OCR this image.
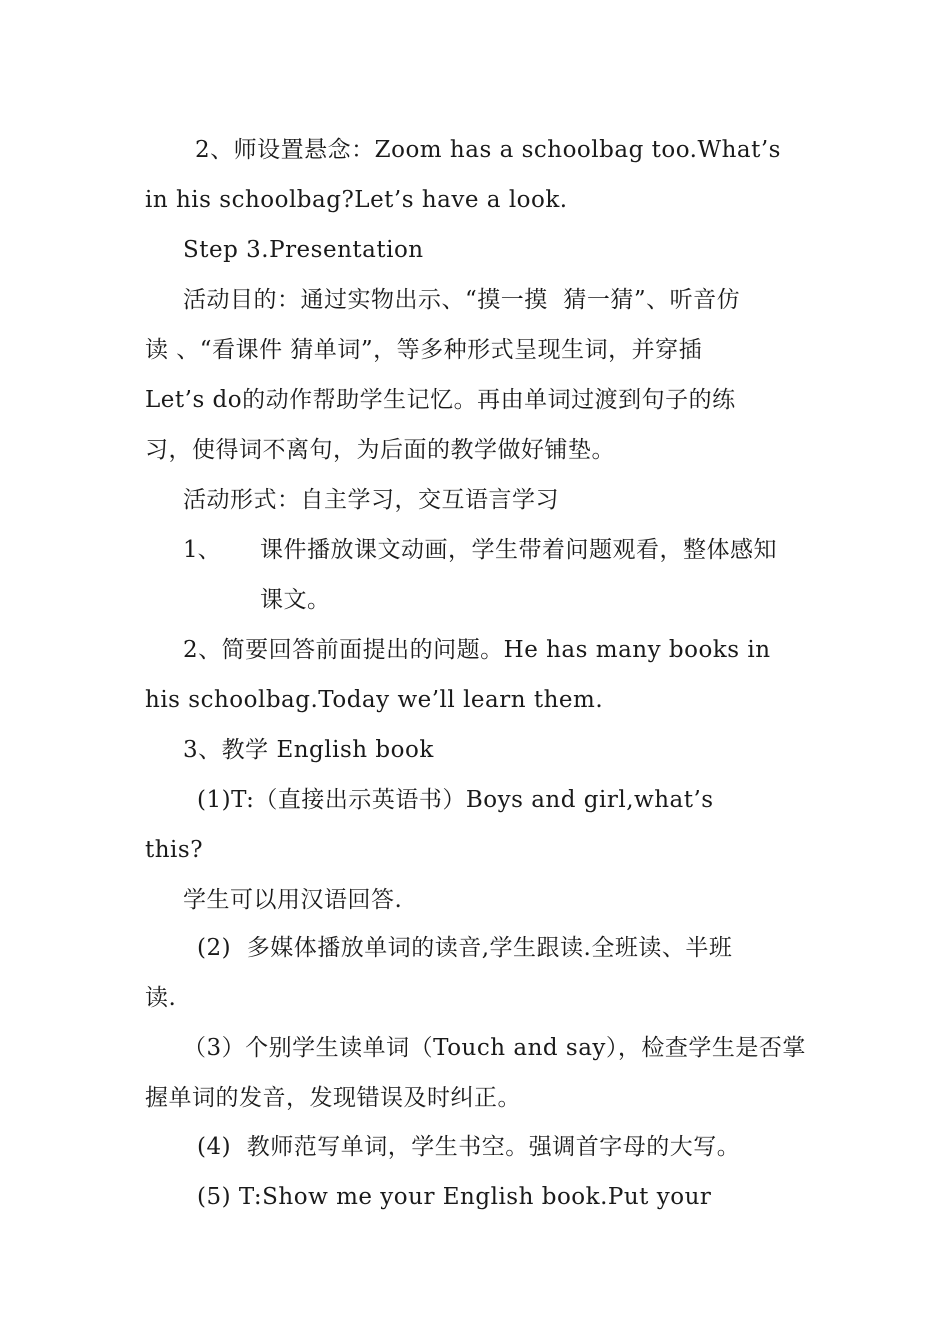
2、师设置悬念：Zoom has a schoolbag too.What’s
in his schoolbag?Let’s have a look.
Step 3.Presentation
活动目的：通过实物出示、“摸一摸  猜一猜”、听音仿
读 、“看课件 猜单词”，等多种形式呈现生词，并穿插
Let’s do的动作帮助学生记忆。再由单词过渡到句子的练
习，使得词不离句，为后面的教学做好铺垫。
活动形式：自主学习，交互语言学习
1、 课件播放课文动画，学生带着问题观看，整体感知
课文。
2、简要回答前面提出的问题。He has many books in
his schoolbag.Today we’ll learn them.
3、教学 English book
(1)T:（直接出示英语书）Boys and girl,what’s
this?
学生可以用汉语回答.
(2)  多媒体播放单词的读音,学生跟读.全班读、半班
读.
（3）个别学生读单词（Touch and say），检查学生是否掌
握单词的发音，发现错误及时纠正。
(4)  教师范写单词，学生书空。强调首字母的大写。
(5) T:Show me your English book.Put your
